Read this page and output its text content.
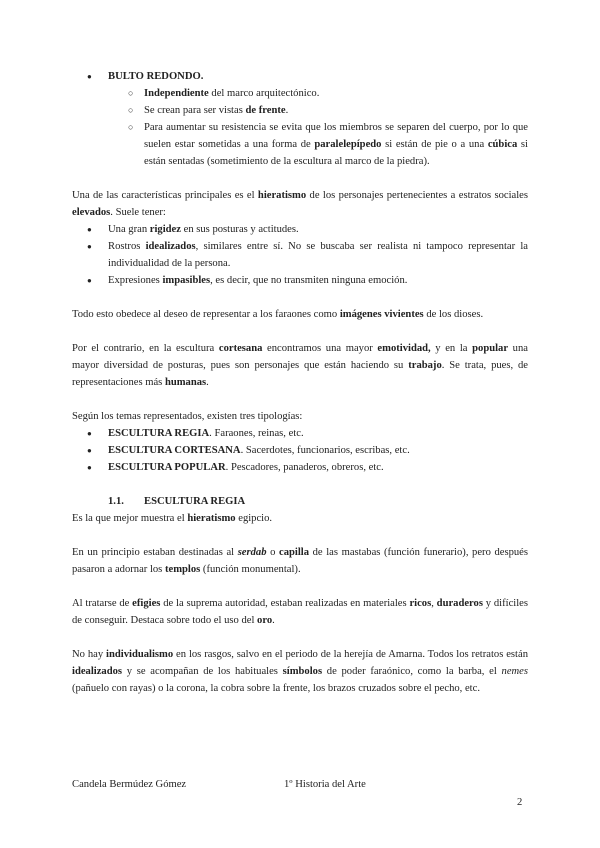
● BULTO REDONDO.
○ Independiente del marco arquitectónico.
○ Se crean para ser vistas de frente.
○ Para aumentar su resistencia se evita que los miembros se separen del cuerpo, por lo que suelen estar sometidas a una forma de paralelepípedo si están de pie o a una cúbica si están sentadas (sometimiento de la escultura al marco de la piedra).

Una de las características principales es el hieratismo de los personajes pertenecientes a estratos sociales elevados. Suele tener:

● Una gran rigidez en sus posturas y actitudes.
● Rostros idealizados, similares entre sí. No se buscaba ser realista ni tampoco representar la individualidad de la persona.
● Expresiones impasibles, es decir, que no transmiten ninguna emoción.

Todo esto obedece al deseo de representar a los faraones como imágenes vivientes de los dioses.

Por el contrario, en la escultura cortesana encontramos una mayor emotividad, y en la popular una mayor diversidad de posturas, pues son personajes que están haciendo su trabajo. Se trata, pues, de representaciones más humanas.

Según los temas representados, existen tres tipologías:

● ESCULTURA REGIA. Faraones, reinas, etc.
● ESCULTURA CORTESANA. Sacerdotes, funcionarios, escribas, etc.
● ESCULTURA POPULAR. Pescadores, panaderos, obreros, etc.

1.1. ESCULTURA REGIA

Es la que mejor muestra el hieratismo egipcio.

En un principio estaban destinadas al serdab o capilla de las mastabas (función funerario), pero después pasaron a adornar los templos (función monumental).

Al tratarse de efigies de la suprema autoridad, estaban realizadas en materiales ricos, duraderos y difíciles de conseguir. Destaca sobre todo el uso del oro.

No hay individualismo en los rasgos, salvo en el periodo de la herejía de Amarna. Todos los retratos están idealizados y se acompañan de los habituales símbolos de poder faraónico, como la barba, el nemes (pañuelo con rayas) o la corona, la cobra sobre la frente, los brazos cruzados sobre el pecho, etc.

Candela Bermúdez Gómez	1º Historia del Arte
2
